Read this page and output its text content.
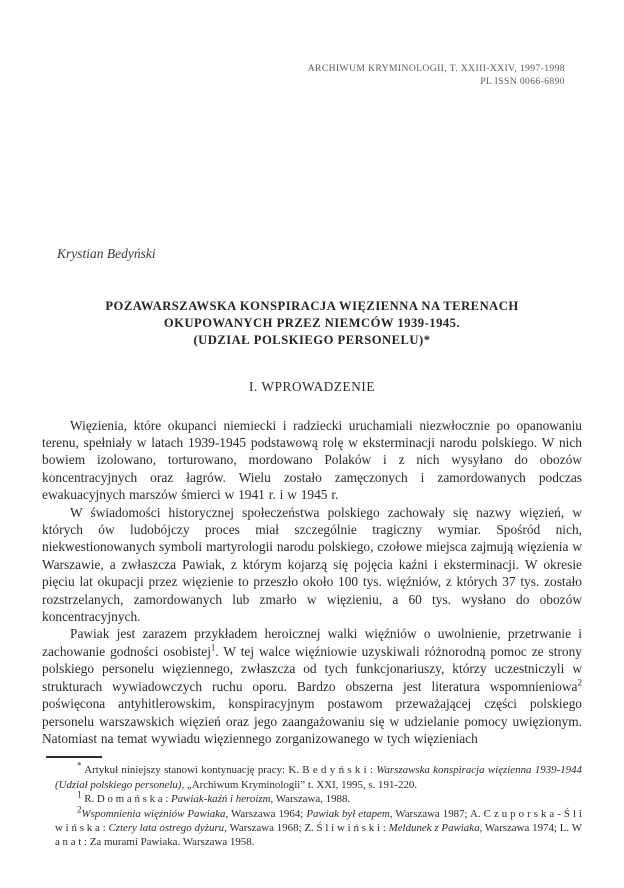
ARCHIWUM KRYMINOLOGII, T. XXIII-XXIV, 1997-1998
PL ISSN 0066-6890
Krystian Bedyński
POZAWARSZAWSKA KONSPIRACJA WIĘZIENNA NA TERENACH
OKUPOWANYCH PRZEZ NIEMCÓW 1939-1945.
(UDZIAŁ POLSKIEGO PERSONELU)*
I. WPROWADZENIE

Więzienia, które okupanci niemiecki i radziecki uruchamiali niezwłocznie po opanowaniu terenu, spełniały w latach 1939-1945 podstawową rolę w eksterminacji narodu polskiego. W nich bowiem izolowano, torturowano, mordowano Polaków i z nich wysyłano do obozów koncentracyjnych oraz łagrów. Wielu zostało zamęczonych i zamordowanych podczas ewakuacyjnych marszów śmierci w 1941 r. i w 1945 r.

W świadomości historycznej społeczeństwa polskiego zachowały się nazwy więzień, w których ów ludobójczy proces miał szczególnie tragiczny wymiar. Spośród nich, niekwestionowanych symboli martyrologii narodu polskiego, czołowe miejsca zajmują więzienia w Warszawie, a zwłaszcza Pawiak, z którym kojarzą się pojęcia kaźni i eksterminacji. W okresie pięciu lat okupacji przez więzienie to przeszło około 100 tys. więźniów, z których 37 tys. zostało rozstrzelanych, zamordowanych lub zmarło w więzieniu, a 60 tys. wysłano do obozów koncentracyjnych.

Pawiak jest zarazem przykładem heroicznej walki więźniów o uwolnienie, przetrwanie i zachowanie godności osobistej$^1$. W tej walce więźniowie uzyskiwali różnorodną pomoc ze strony polskiego personelu więziennego, zwłaszcza od tych funkcjonariuszy, którzy uczestniczyli w strukturach wywiadowczych ruchu oporu. Bardzo obszerna jest literatura wspomnieniowa$^2$ poświęcona antyhitlerowskim, konspiracyjnym postawom przeważającej części polskiego personelu warszawskich więzień oraz jego zaangażowaniu się w udzielanie pomocy uwięzionym. Natomiast na temat wywiadu więziennego zorganizowanego w tych więzieniach

* Artykuł niniejszy stanowi kontynuację pracy: K. B e d y ń s k i : Warszawska konspiracja więzienna 1939-1944 (Udział polskiego personelu), „Archiwum Kryminologii” t. XXI, 1995, s. 191-220.

$^1$ R. D o m a ń s k a : Pawiak-kaźń i heroizm, Warszawa, 1988.

$^2$Wspomnienia więźniów Pawiaka, Warszawa 1964; Pawiak był etapem, Warszawa 1987; A. C z u p o r s k a - Ś l i w i ń s k a : Cztery lata ostrego dyżuru, Warszawa 1968; Z. Ś l i w i ń s k i : Meldunek z Pawiaka, Warszawa 1974; L. W a n a t : Za murami Pawiaka. Warszawa 1958.
